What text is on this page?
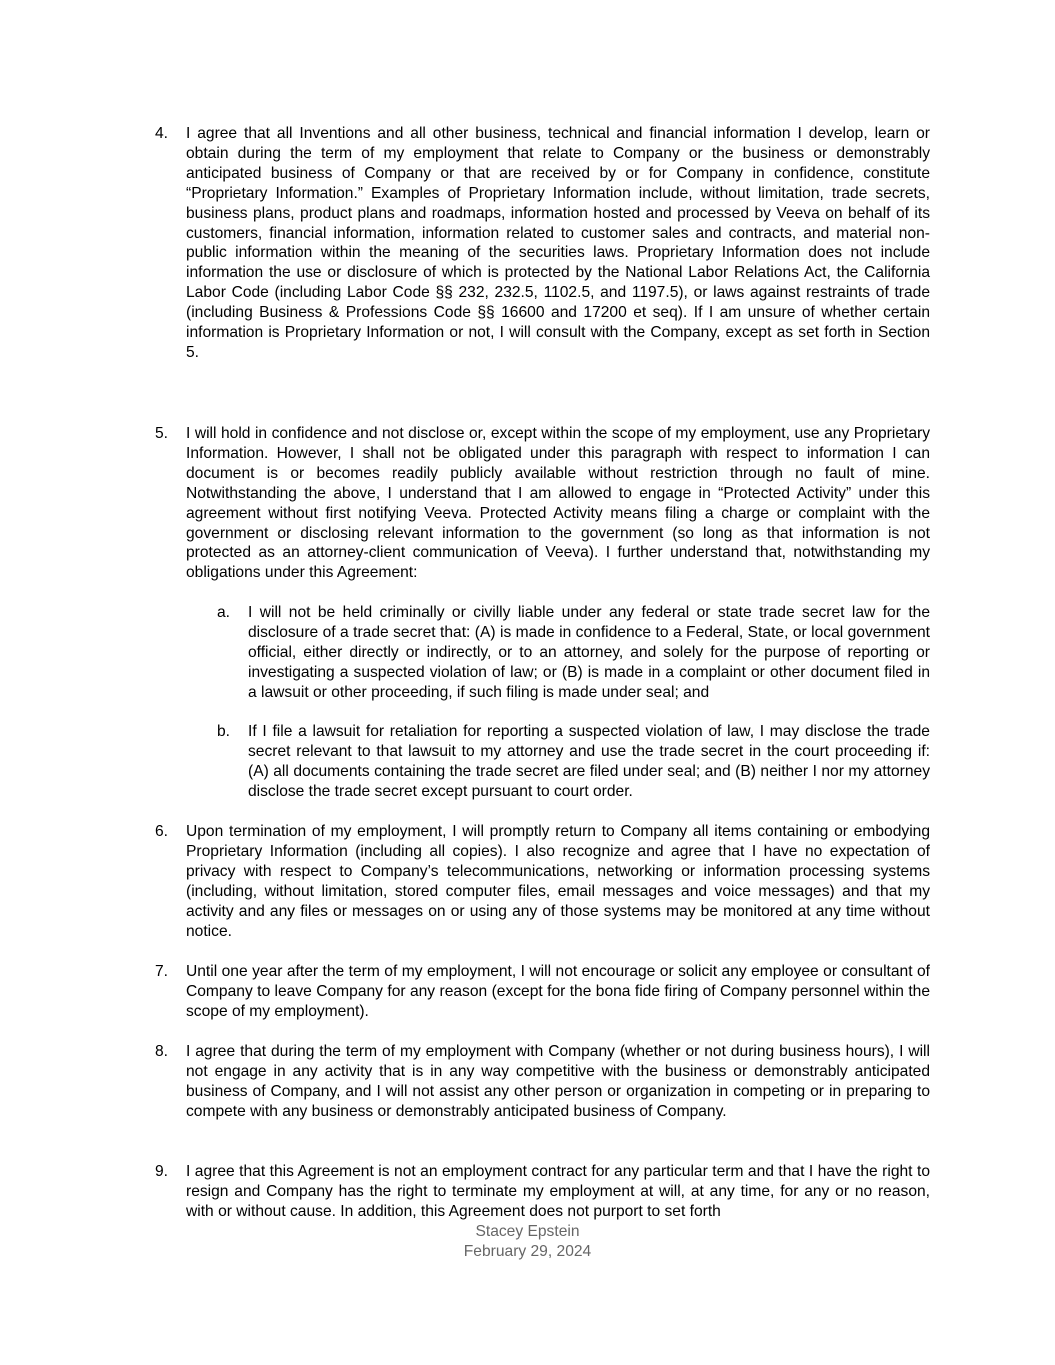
4. I agree that all Inventions and all other business, technical and financial information I develop, learn or obtain during the term of my employment that relate to Company or the business or demonstrably anticipated business of Company or that are received by or for Company in confidence, constitute “Proprietary Information.” Examples of Proprietary Information include, without limitation, trade secrets, business plans, product plans and roadmaps, information hosted and processed by Veeva on behalf of its customers, financial information, information related to customer sales and contracts, and material non-public information within the meaning of the securities laws. Proprietary Information does not include information the use or disclosure of which is protected by the National Labor Relations Act, the California Labor Code (including Labor Code §§ 232, 232.5, 1102.5, and 1197.5), or laws against restraints of trade (including Business & Professions Code §§ 16600 and 17200 et seq). If I am unsure of whether certain information is Proprietary Information or not, I will consult with the Company, except as set forth in Section 5.
5. I will hold in confidence and not disclose or, except within the scope of my employment, use any Proprietary Information. However, I shall not be obligated under this paragraph with respect to information I can document is or becomes readily publicly available without restriction through no fault of mine. Notwithstanding the above, I understand that I am allowed to engage in “Protected Activity” under this agreement without first notifying Veeva. Protected Activity means filing a charge or complaint with the government or disclosing relevant information to the government (so long as that information is not protected as an attorney-client communication of Veeva). I further understand that, notwithstanding my obligations under this Agreement:
a. I will not be held criminally or civilly liable under any federal or state trade secret law for the disclosure of a trade secret that: (A) is made in confidence to a Federal, State, or local government official, either directly or indirectly, or to an attorney, and solely for the purpose of reporting or investigating a suspected violation of law; or (B) is made in a complaint or other document filed in a lawsuit or other proceeding, if such filing is made under seal; and
b. If I file a lawsuit for retaliation for reporting a suspected violation of law, I may disclose the trade secret relevant to that lawsuit to my attorney and use the trade secret in the court proceeding if: (A) all documents containing the trade secret are filed under seal; and (B) neither I nor my attorney disclose the trade secret except pursuant to court order.
6. Upon termination of my employment, I will promptly return to Company all items containing or embodying Proprietary Information (including all copies). I also recognize and agree that I have no expectation of privacy with respect to Company’s telecommunications, networking or information processing systems (including, without limitation, stored computer files, email messages and voice messages) and that my activity and any files or messages on or using any of those systems may be monitored at any time without notice.
7. Until one year after the term of my employment, I will not encourage or solicit any employee or consultant of Company to leave Company for any reason (except for the bona fide firing of Company personnel within the scope of my employment).
8. I agree that during the term of my employment with Company (whether or not during business hours), I will not engage in any activity that is in any way competitive with the business or demonstrably anticipated business of Company, and I will not assist any other person or organization in competing or in preparing to compete with any business or demonstrably anticipated business of Company.
9. I agree that this Agreement is not an employment contract for any particular term and that I have the right to resign and Company has the right to terminate my employment at will, at any time, for any or no reason, with or without cause. In addition, this Agreement does not purport to set forth
Stacey Epstein
February 29, 2024
